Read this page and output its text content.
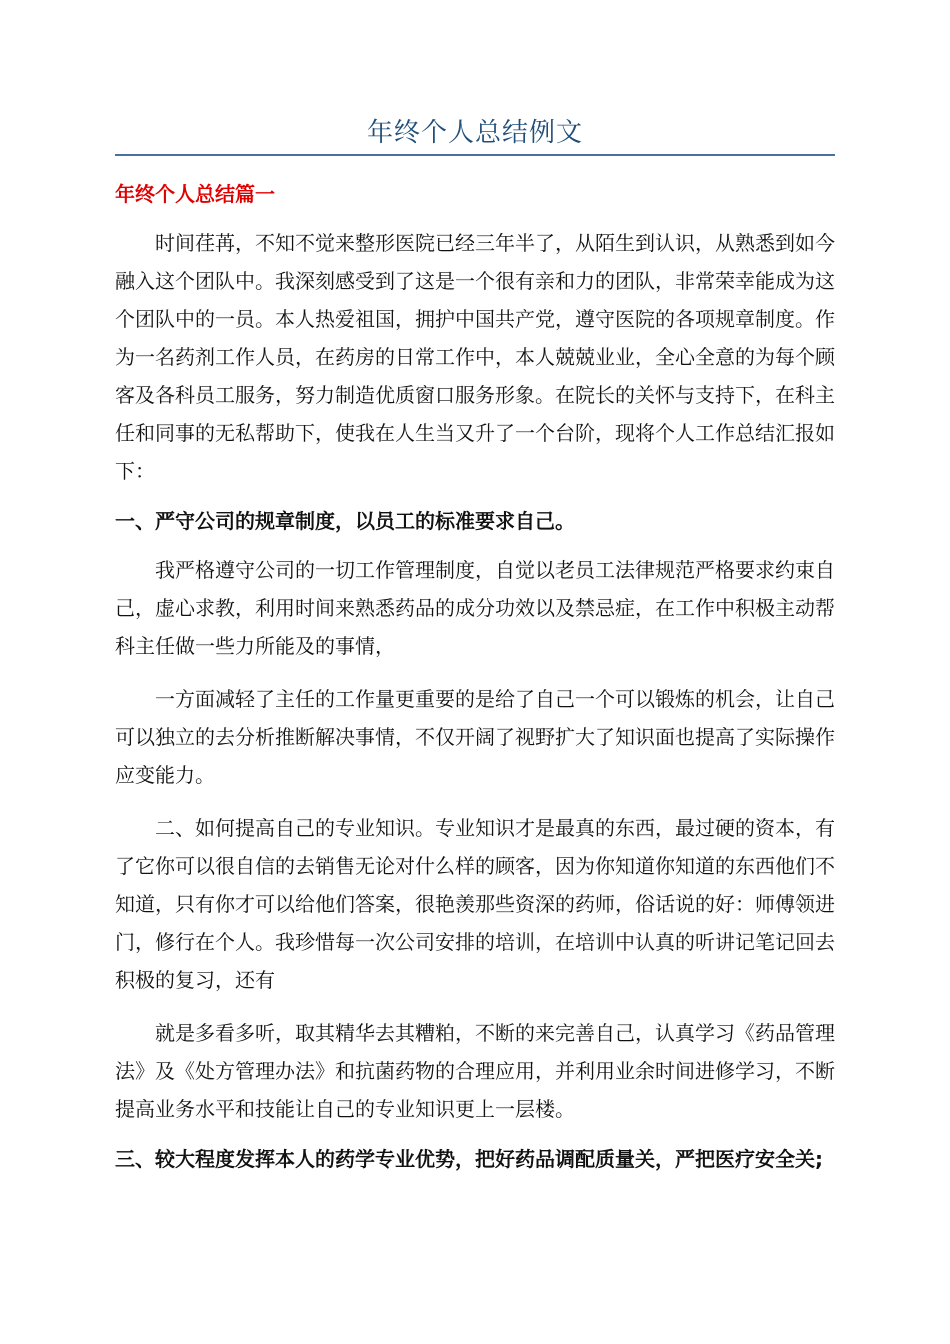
年终个人总结例文
年终个人总结篇一

时间荏苒，不知不觉来整形医院已经三年半了，从陌生到认识，从熟悉到如今融入这个团队中。我深刻感受到了这是一个很有亲和力的团队，非常荣幸能成为这个团队中的一员。本人热爱祖国，拥护中国共产党，遵守医院的各项规章制度。作为一名药剂工作人员，在药房的日常工作中，本人兢兢业业，全心全意的为每个顾客及各科员工服务，努力制造优质窗口服务形象。在院长的关怀与支持下，在科主任和同事的无私帮助下，使我在人生当又升了一个台阶，现将个人工作总结汇报如下：

一、严守公司的规章制度，以员工的标准要求自己。

我严格遵守公司的一切工作管理制度，自觉以老员工法律规范严格要求约束自己，虚心求教，利用时间来熟悉药品的成分功效以及禁忌症，在工作中积极主动帮科主任做一些力所能及的事情，

一方面减轻了主任的工作量更重要的是给了自己一个可以锻炼的机会，让自己可以独立的去分析推断解决事情，不仅开阔了视野扩大了知识面也提高了实际操作应变能力。

二、如何提高自己的专业知识。专业知识才是最真的东西，最过硬的资本，有了它你可以很自信的去销售无论对什么样的顾客，因为你知道你知道的东西他们不知道，只有你才可以给他们答案，很艳羡那些资深的药师，俗话说的好：师傅领进门，修行在个人。我珍惜每一次公司安排的培训，在培训中认真的听讲记笔记回去积极的复习，还有

就是多看多听，取其精华去其糟粕，不断的来完善自己，认真学习《药品管理法》及《处方管理办法》和抗菌药物的合理应用，并利用业余时间进修学习，不断提高业务水平和技能让自己的专业知识更上一层楼。

三、较大程度发挥本人的药学专业优势，把好药品调配质量关，严把医疗安全关;
